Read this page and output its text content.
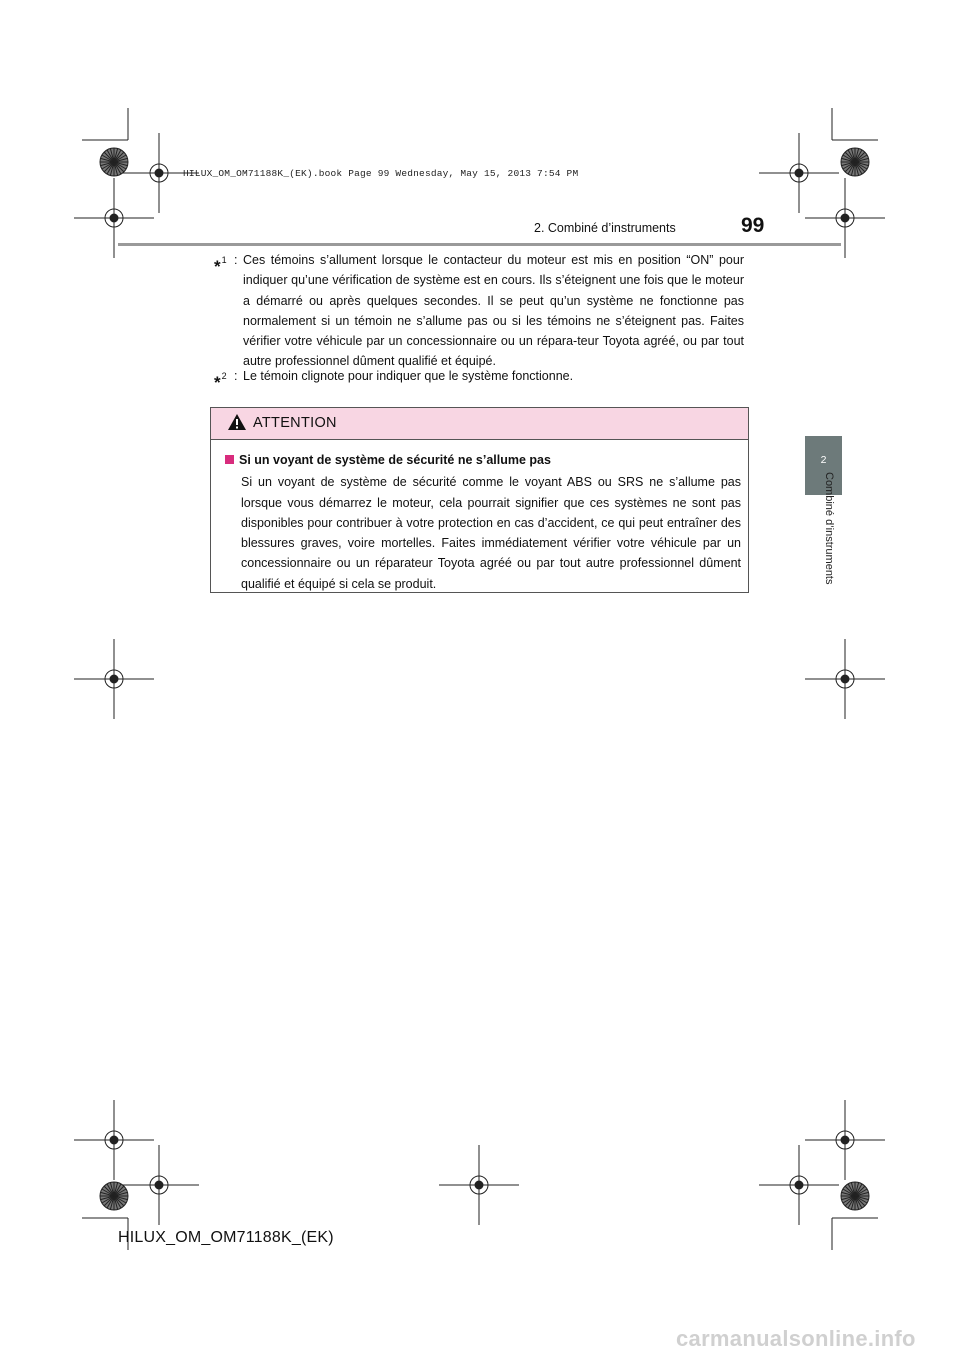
HILUX_OM_OM71188K_(EK).book Page 99 Wednesday, May 15, 2013 7:54 PM
2. Combiné d’instruments	99
2
Combiné d’instruments
*$^1$ : Ces témoins s’allument lorsque le contacteur du moteur est mis en position “ON” pour indiquer qu’une vérification de système est en cours. Ils s’éteignent une fois que le moteur a démarré ou après quelques secondes. Il se peut qu’un système ne fonctionne pas normalement si un témoin ne s’allume pas ou si les témoins ne s’éteignent pas. Faites vérifier votre véhicule par un concessionnaire ou un répara-teur Toyota agréé, ou par tout autre professionnel dûment qualifié et équipé.
*$^2$ : Le témoin clignote pour indiquer que le système fonctionne.
ATTENTION
Si un voyant de système de sécurité ne s’allume pas
Si un voyant de système de sécurité comme le voyant ABS ou SRS ne s’allume pas lorsque vous démarrez le moteur, cela pourrait signifier que ces systèmes ne sont pas disponibles pour contribuer à votre protection en cas d’accident, ce qui peut entraîner des blessures graves, voire mortelles. Faites immédiatement vérifier votre véhicule par un concessionnaire ou un réparateur Toyota agréé ou par tout autre professionnel dûment qualifié et équipé si cela se produit.
HILUX_OM_OM71188K_(EK)
carmanualsonline.info
